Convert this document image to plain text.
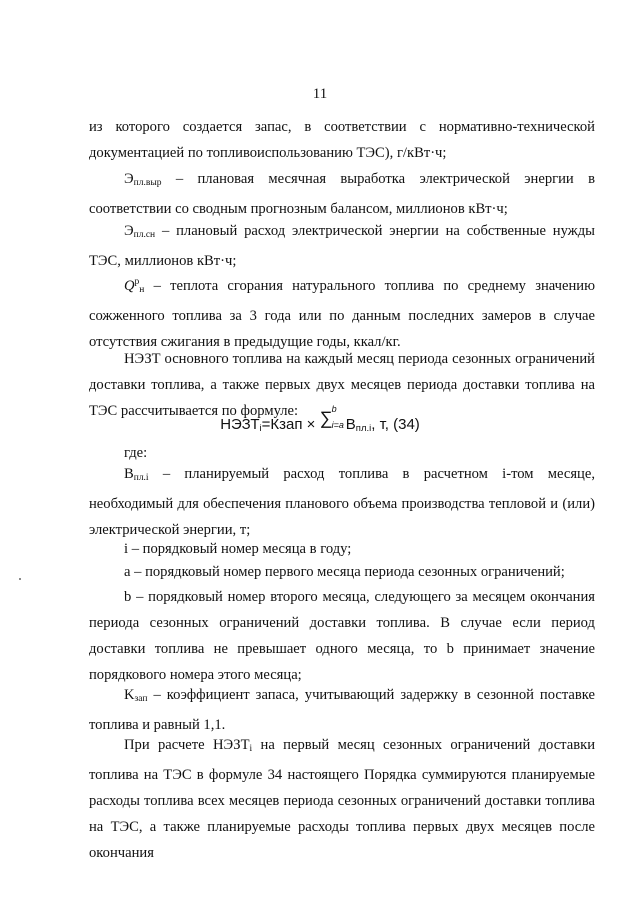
11

из которого создается запас, в соответствии с нормативно-технической документацией по топливоиспользованию ТЭС), г/кВт·ч;

$Э_{пл.выр}$ – плановая месячная выработка электрической энергии в соответствии со сводным прогнозным балансом, миллионов кВт·ч;

$Э_{пл.сн}$ – плановый расход электрической энергии на собственные нужды ТЭС, миллионов кВт·ч;

$Q^р_н$ – теплота сгорания натурального топлива по среднему значению сожженного топлива за 3 года или по данным последних замеров в случае отсутствия сжигания в предыдущие годы, ккал/кг.

НЭЗТ основного топлива на каждый месяц периода сезонных ограничений доставки топлива, а также первых двух месяцев периода доставки топлива на ТЭС рассчитывается по формуле:

$НЭЗТ_i=Кзап$ × ∑ b
i=a $B_{пл.i}$, т, (34)

где:

$B_{пл.i}$ – планируемый расход топлива в расчетном i-том месяце, необходимый для обеспечения планового объема производства тепловой и (или) электрической энергии, т;

i – порядковый номер месяца в году;

а – порядковый номер первого месяца периода сезонных ограничений;

b – порядковый номер второго месяца, следующего за месяцем окончания периода сезонных ограничений доставки топлива. В случае если период доставки топлива не превышает одного месяца, то b принимает значение порядкового номера этого месяца;

$K_{зап}$ – коэффициент запаса, учитывающий задержку в сезонной поставке топлива и равный 1,1.

При расчете $НЭЗТ_i$ на первый месяц сезонных ограничений доставки топлива на ТЭС в формуле 34 настоящего Порядка суммируются планируемые расходы топлива всех месяцев периода сезонных ограничений доставки топлива на ТЭС, а также планируемые расходы топлива первых двух месяцев после окончания
